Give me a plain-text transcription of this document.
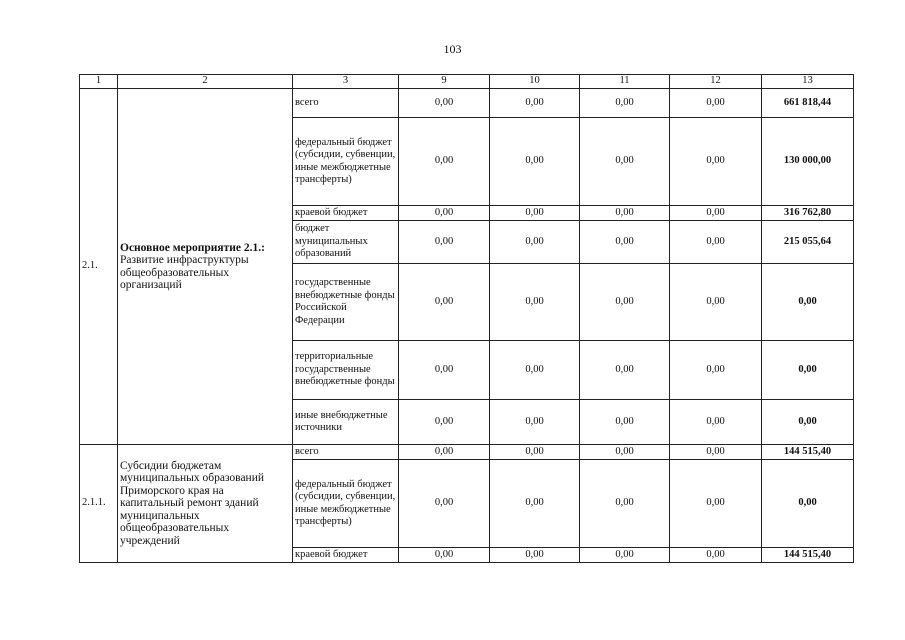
103
1	2	3	9	10	11	12	13
2.1.	Основное мероприятие 2.1.: Развитие инфраструктуры общеобразовательных организаций	всего	0,00	0,00	0,00	0,00	661 818,44
		федеральный бюджет (субсидии, субвенции, иные межбюджетные трансферты)	0,00	0,00	0,00	0,00	130 000,00
		краевой бюджет	0,00	0,00	0,00	0,00	316 762,80
		бюджет муниципальных образований	0,00	0,00	0,00	0,00	215 055,64
		государственные внебюджетные фонды Российской Федерации	0,00	0,00	0,00	0,00	0,00
		территориальные государственные внебюджетные фонды	0,00	0,00	0,00	0,00	0,00
		иные внебюджетные источники	0,00	0,00	0,00	0,00	0,00
2.1.1.	Субсидии бюджетам муниципальных образований Приморского края на капитальный ремонт зданий муниципальных общеобразовательных учреждений	всего	0,00	0,00	0,00	0,00	144 515,40
		федеральный бюджет (субсидии, субвенции, иные межбюджетные трансферты)	0,00	0,00	0,00	0,00	0,00
		краевой бюджет	0,00	0,00	0,00	0,00	144 515,40
